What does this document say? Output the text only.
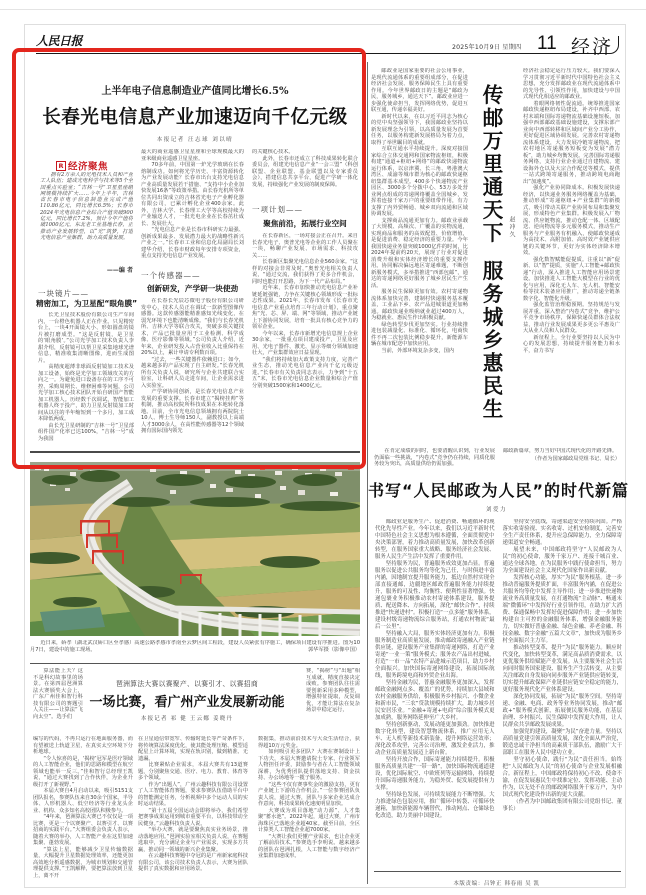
人民日报	2025年10月9日 星期四 11 经济
上半年电子信息制造业产值同比增长6.5%
长春光电信息产业加速迈向千亿元级
本报记者 汪志球 刘以晴
R 经济聚焦
拥有2万余人的光电技术人员和产业工人队伍；建成光电科学与技术等5个全国重点实验室；“吉林一号”卫星星座组网规模持续扩大……今年上半年，吉林省长春市电子信息制造业完成产值110.86亿元，同比增长6.5%；长春市2024年光电信息产业综合产值突破900亿元，同比增长7.2%，预计今年产值将破1000亿元。东北老工业基地长春，正推动产业发展转型，以“光”筑梦，打造光电信息产业集群，助力高质量发展。
——编 者
一块镜片——
精密加工，为卫星配“眼角膜”

长光卫星技术股份有限公司生产车间内，一台橙色机器人正在作业。只见精密台上，一块4开面镜大小、形如圆盘的镜片被打磨成型。“这是反射镜，是卫星的‘眼角膜’。”公司光学加工技术负责人李甜介绍，反射镜可以帮卫星采集地球光谱信息，精准收集清晰图像，进而生成图片。

高精度超薄非球面反射镜加工技术及加工设备，始终是光学加工领域攻关的方向之一。为避免进口设备存在的工序不可控、采购周期长、维修困难等问题，公司光学加工核心技术团队开始自研国产智能加工机器人。历经数千次调试，智能加工机器人终于投产，助力卫星反射镜加工时间从以往的半年缩短到一个多月，加工成本降低两成。

由长光卫星研制的“吉林一号”卫星部组件国产化率已达100%，“吉林一号”成为我国

最大的商业遥感卫星星座和全球规模最大的亚米级商业遥感卫星星座。

70多年前，中国第一炉光学玻璃在长春熔制成功。如何将光学历史、丰富资源转化为产业发展动能？长春市出台支持光电信息产业高质量发展若干措施、“支持中小企业加快发展16条”等政策举措。由长春光机所等单位共同出资成立的吉林省光电子产业孵化器有限公司，已累计孵化企业400余家。此外，吉林大学、长春理工大学等高校持续为产业输送人才，一批光电企业在长春茁壮成长、发展壮大。

“光电信息产业是长春市科研实力最强、创新成果最多、发展潜力最大的战略性新兴产业之一。”长春市工业和信息化局副局长刘建华介绍，长春市财政每年安排专项资金，重点支持光电信息产业发展。

一个传感器——
创新研发，产学研一块使劲

在长春长光辰芯微电子股份有限公司研发中心，技术人员正在调试一款新型图像传感器。这款传感器能精准感知光线变化，在弱光环境下也能清晰成像。“我们与长春光机所、吉林大学等联合攻关，突破多项关键技术，产品已批量应用于工业检测、科学成像、医疗影像等领域。”公司负责人介绍，近年来，企业研发投入占营业收入比重保持在20%以上，累计申请专利数百项。

“过去，一些关键器件依赖进口；如今，越来越多的产品实现了自主研发。”长春光机所有关负责人说，研究所与企业共建联合实验室，让科研人员走进车间，让企业需求进入实验室。

产学研协同创新，是长春光电信息产业发展的重要支撑。长春市建立“揭榜挂帅”等机制，推动高校院所科技成果在本地转化落地。目前，全市光电信息领域拥有两院院士10人、博士生导师150人，副教授以上高端人才3000余人，在高性能传感器等12个领域拥有国际国内领先

的关键核心技术。

此外，长春市还成立了科技成果转化联合委员会，组建光电信息产业“一会三盟”（科创联盟、企业联盟、基金联盟以及专家委员会），搭建信息共享平台，促进产学研一体化发展，持续强化产业发展的制度保障。

一项计划——
聚焦前沿，拓展行业空间

在长春新区，一场对接会正在召开。来自长春光电子、奥普光电等企业的工作人员聚在一块，畅聊产业发展、市场需求、科技攻关……

长春新区集聚光电信息企业560余家。“这样的对接会非常及时，”奥普光电相关负责人说，“通过交流，我们获得了更多合作机会，同时也能打开思路，为下一代产品布局。”

近年来，长春市加快推动光电信息产业补链延链强链，力争在关键核心领域形成一批标志性成果。2021年，长春市发布《长春市光电信息产业重点培育三年行动计划》，重点聚焦“光、芯、屏、端、网”等领域，推动产业链上下游协同发展，培育一批具有核心竞争力的领军企业。

今年以来，长春市新增光电信息规上企业30余家，一批重点项目建成投产，卫星及应用、光电子器件、激光、显示等细分领域加速壮大，产业集群效应日益显现。

“我们将持续加大政策支持力度，完善产业生态，推动光电信息产业向千亿元级迈进。”长春市有关负责同志表示，力争到“十五五”末，长春市光电信息企业数量和综合产值分别突破1500家和1400亿元。

邮政业是国家重要的社会公用事业，是现代流通体系的重要组成部分，在促进经济社会发展、服务保障民生上具有重要作用。今年世界邮政日的主题是“邮政为民，服务城乡，通达天下”。邮政业应进一步强化使命担当，发挥网络优势，促进互联互通，传递幸福美好。

新时代以来，在以习近平同志为核心的党中央坚强领导下，我国邮政业坚持以新发展理念为引领，以高质量发展为首要任务，以服务构建新发展格局为着力点，取得了举世瞩目的成就。

互联互通水平持续提升。深度对接国家综合立体交通网和国家物流枢纽，积极构建“通道+枢纽+网络”的邮政快递物流运行体系，以京津冀、长三角、粤港澳大湾区、成渝等城市群为核心的邮政快递枢纽集群基本成型。400多个快递物流产业园区、3000多个分拨中心、53万多处营业网点组成的寄递网络覆盖全国城乡，发挥着连接千家万户的重要纽带作用，有力支撑了内外贸畅通、城乡双向流通和区域协调发展。

支撑商品流通更加有力。邮政业承载了大规模、高频次、广覆盖的实物流通，实现商品和服务的高效配置、价值增值，是促进消费、稳定经济的重要力量。今年我国快递业务量突破1000亿件的时间，比2024年提前约20天，展现了行业对促进消费升级和实体经济增长的重要支撑作用。协同解决偏远地区寄递难题，不断创新服务模式，多举措推进“西部包邮”，通达的寄递网络更好服务了城乡居民生产生活。

服务民生保障更加有效。农村寄递物流体系加快完善，建制村快递服务基本覆盖，工业品下乡、农产品进城渠道更加畅通。邮政快递业吸纳就业超过400万人，为稳就业、惠民生作出积极贡献。

绿色转型步伐更加坚实。行业持续推进包装减量化、标准化、循环化，电商快件不再二次包装比例稳步提升，新能源车辆在城市配送中加快应用。

当前，外部环境复杂多变，国内

传邮万里通天下
服务城乡惠民生
赵冲久
经济社会稳定运行压力较大。我们要深入学习贯彻习近平新时代中国特色社会主义思想，充分发挥邮政业在现代流通体系中的先导性、引领性作用，加快建设与中国式现代化相适应的邮政业。

着眼网络韧性促流通。统筹推进国家邮政快递枢纽布局建设，补齐中西部、农村末端和国际寄递物流基础设施短板。加强中西部邮政基础设施建设，支撑东部产业向中西部转移和区域间产业分工协作，更好促进区域协调发展。完善农村寄递物流体系建设，大力发展冷链寄递物流，把农村地区寄递服务短板变为发展“潜力板”，助力城乡均衡发展。完善国际寄递服务网络，支持行业企业通过自建物流、建设海外仓以及大宗合作配送等模式，提供一站式跨境寄递服务，推动跨境电商跑出“加速度”。

强化产业协同降成本。积极发展快递经济，以快递业务服务网络覆盖为基础，推动形成“寄递枢纽+产业集群”的新模式，吸引带动关联产业协同布局和集聚发展，形成特色产业集群。积极发展入厂物流、供应链物流，推动仓配一体、区域配送、逆向物流等多元服务模式，推动生产服务与产业服务有机融入，使邮政快递成为高技术、高附加值、高时效产业链供应链的关键环节，更好为实体经济降本增效。

强化数智赋能促提质。注重以“新”促新、以“智”提质，实施“人工智能+邮政快递”行动，深入推进人工智能应用场景建设。加快推进人工智能大模型在行业的优化与应用，深化无人车、无人机、智能安检等技术装备应用推广，推动寄递全链条数字化、智能化升级。

强化监管治理稳预期。坚持规范与发展并重，深入整治“内卷式”竞争，维护公平竞争市场秩序，保障快递员群体合法权益，推动行业发展成果更多更公平惠及广大从业人员和人民群众。

新征程上，全行业要坚持以人民为中心的发展思想，持续提升服务能力和水平，奋力书写

在肯定成绩的同时，也要清醒认识到，行业发展仍面临一些挑战，“内卷式”竞争仍在持续，同质化服务较为突出，高质量供给仍需加强。

邮政新篇章，努力当好中国式现代化的开路先锋。
（作者为国家邮政局党组书记、局长）
书写“人民邮政为人民”的时代新篇
刘爱力

邮政业是服务生产、促进消费、畅通循环的现代化先导性产业。今年以来，我们以习近平新时代中国特色社会主义思想为根本遵循，全面贯彻党中央决策部署，着力推动高质量发展，加快改革创新转型，在服务国家重大战略、服务经济社会发展、服务人民生产生活中发挥了重要作用。

坚持服务为民，普遍服务成效更加凸显。普遍服务以促进公共服务均等化为己任，与时俱进丰富内涵，因地制宜提升服务能力，抵边自然村实现全部直接通邮，边疆地区邮政普遍服务能力持续提升，服务的可及性、均衡性、便利性显著增强。快递包裹业务积极推动农村寄递体系建设，服务提质、配送降本、方向拓展，深化“邮快合作”，持续推进“快递进村”。积极打造“一点多能”服务体系，建设村级寄递物流综合服务站，打通农村物流“最后一公里”。

坚持融入大局，服务实体经济更加有力。积极服务制造业高质量发展，推动邮政寄递融入产业链供应链，建设服务产业集群的寄递网络，打造产业寄递“一业一策”服务模式；服务农产品出村进城，打造“一市一品”农特产品进城示范项目，助力乡村全面振兴。加快国际寄递网络建设，拓展国际航线，服务跨境电商和外贸企业出海。

坚持金融为民，普惠金融服务更加深入。发挥邮政金融网点多、覆盖广的优势，持续加大县域和农村金融服务供给，积极服务乡村振兴、小微企业和新市民，“三农”贷款规模持续扩大，助力城乡居民安居乐业。“金融+寄递+电商”综合服务模式更加成熟，服务网络延伸至广大乡村。

坚持创新驱动，发展动能更加强劲。加快推进数字化转型，建设智慧物流体系，推广应用无人车、无人机等新技术新装备，提升网络运营效率；深化改革攻坚，完善公司治理，激发企业活力，推动企业高质量发展迈上新台阶。

坚持开放合作，国际寄递能力持续提升。积极服务高质量共建“一带一路”，加快国际物流通道建设，优化国际航空、中欧班列等运输网络，持续提升国际寄递服务能力，为稳外贸、促发展提供有力支撑。

坚持绿色发展，可持续发展能力不断增强。大力推进绿色包装应用，推广循环中转袋、可循环快递箱，加快新能源车辆替代，推动网点、仓储绿色化改造，助力美丽中国建设。

坚持安全底线，寄递渠道安全持续巩固。严格落实收寄验视、实名收寄、过机安检制度，完善安全生产责任体系，提升应急保障能力，全力保障寄递渠道安全畅通。

展望未来，中国邮政将坚守“人民邮政为人民”的初心使命，服务千家万户、连接千城百业、通达全球各地，在为民服务中践行使命担当，努力为全面建设社会主义现代化国家作出新贡献。

发挥核心功能，厚实“为民”服务根基。进一步推动普遍服务提质扩面，丰富服务内涵，在促进公共服务均等化中发挥主导作用；进一步推进快递物流业务高质量发展，在打通物流“主动脉”、畅通末端“微循环”中发挥好行业引领作用，在助力扩大消费、保通保畅中发挥好促进保障作用；进一步加快构建自主可控的金融服务体系，增强金融服务能力，切实做好普惠金融、绿色金融、养老金融、科技金融、数字金融“五篇大文章”，加快成为服务乡村全面振兴主力军。

推动转型变革，提升“为民”服务能力。顺应时代变化，加快转型变革，满足高品质消费需求，以更优服务供给赋能产业发展。从主要服务社会生活向同时服务国家建设、服务生产生活转变，从主要关注邮政自身发展向同步服务产业链供应链转变，切实提升邮政保障产业链供应链安全稳定的能力，更好服务现代化产业体系建设。

深化协同发展，拓展“为民”服务空间。坚持寄递、金融、电商、政务等业务协同发展，推动“邮政+”服务模式创新，拓展便民服务功能，在基层治理、乡村振兴、民生保障中发挥更大作用，让人民群众共享邮政发展成果。

加强党的建设，凝聚“为民”奋进力量。坚持以高质量党建引领高质量发展，深化全面从严治党，锻造忠诚干净担当的高素质干部队伍，激励广大干部职工在服务人民中建功立业。

坚守初心使命，践行“为民”责任担当。始终把“人民邮政为人民”的初心使命与企业发展相融合。新征程上，中国邮政将保持初心不改、使命不渝，在促发展惠民生中找准定位、发挥功能、主动作为，以无处不在的邮政网络服务千家万户，为中国式现代化建设作出新的更大贡献。

（作者为中国邮政集团有限公司党组书记、董事长）

本版责编：吕钟正 韩春雨 吴 凯
近日来，硚孝（湖北武汉硚口区至孝感）高速公路孝感市孝南至云梦区间工程段，建设人员紧张有序施工，确保项目建设有序推进。图为10月7日，建设中的施工现场。	郭华军摄（影像中国）

算法能上天？这不是科幻故事里的场景。在第四届琶洲算法大赛颁奖大会上，广东广州佳和智行科技有限公司的赛题引人关注——让算法“飞向太空”。选手们

琶洲算法大赛以赛聚产、以赛引才、以赛招商
一场比赛，看广州产业发展新动能
本报记者 祁 健 王云娜 姜晓丹
赛，“揭榜”与“出题”相互成就，精度直接决定成败。参赛团队往往需要创新采用多种模型，增强特征提取，反复调优，才能让算法在复杂场景中稳定运行，
编写的代码，不再只运行在地面服务器，而有望被送上轨道卫星，在真实太空环境下分析地球。

“令人惊喜的是，‘揭榜’冠军是医疗领域的人工智能企业，他们的思路和模型在航空领域也能举一反三。”佳和智行总经理王凯说，“通过大赛找到了合作伙伴，为企业升级打开了新视野。”

本届大赛自4月启动以来，吸引5151支团队报名，参赛队伍来自30余个国家。半导体、人形机器人、低空经济等行业龙头企业、机构、众多知名高校团队积极参与。

“4年来，琶洲算法大赛已不仅仅是一项比赛，更是一个以赛聚产、以赛引才、以赛招商的实践平台。”大赛组委会负责人表示，随着大赛的举办，人工智能产业在这里加速集聚、蓬勃发展。

“算法上星，能够减少卫星传输数据量，大幅提升卫星数据处理效率，还能更加高效地分析遥感数据，为城市规划和交通管理提供支撑。”王凯解释，要把算法放到卫星上，离不开

在卫星通信带宽窄、传输时延长等严苛条件下，将传统算法深度优化，使其能处理压缩、模型适配星上计算环境，实现在轨识别，做到精准、无遗漏。

比赛紧贴企业需求，本届大赛共有13道赛题，分别聚焦交通、医疗、电力、教育、体育等多个领域。

作为“出题人”，广州云趣科技有限公司设置了人工智能体育赛题，要求参赛队伍借助平台中的智能测定任务，分析视频中多个运动人员的实时运动结果。

“第十五届全国运动会即将举办，我们希望把赛事成果运用到城市重要平台，以科技带动全民健身。”云趣科技负责人说。

“举办大赛，就是要聚焦真实业务场景，推动落地应用。”琶洲实验室相关负责人说，在赛题选取中，充分满足企业与产业需求，实现多方共赢，推动同一领域的新兴企业集聚。

在云趣科技赛题中夺冠的是广州新家庭科技有限公司，该公司技术负责人表示，大赛为团队提供了真实数据和应用场景。

数据集，推动前沿技术与大众生活结合，获得超10万元奖金。

如何吸引更多团队？大赛在赛制设计上下功夫，本届大赛邀请院士专家、行业领军人物担任评委，鼓励参与者在人工智能领域深耕，为优秀团队提供落地支持、资金扶持、办公场地等一揽子服务。

“这些不仅有赛事奖金的激励支持，更有产业链上下游的合作机会。”一位参赛团队负责人说，通过大赛，团队与多家企业达成合作意向，科技成果转化速度明显加快。

大赛成为项目落地“动力源”、人才集聚“蓄水池”。2022年起，通过大赛，广州市海珠区已落地企业超40家。截至目前，全区计算类人工智能企业超7000家。

“大赛让我们更懂产业需求，也让企业更了解前沿技术。”参赛选手李明说。越来越多的团队在琶洲扎根，人工智能与数字经济产业集群加速成形。
